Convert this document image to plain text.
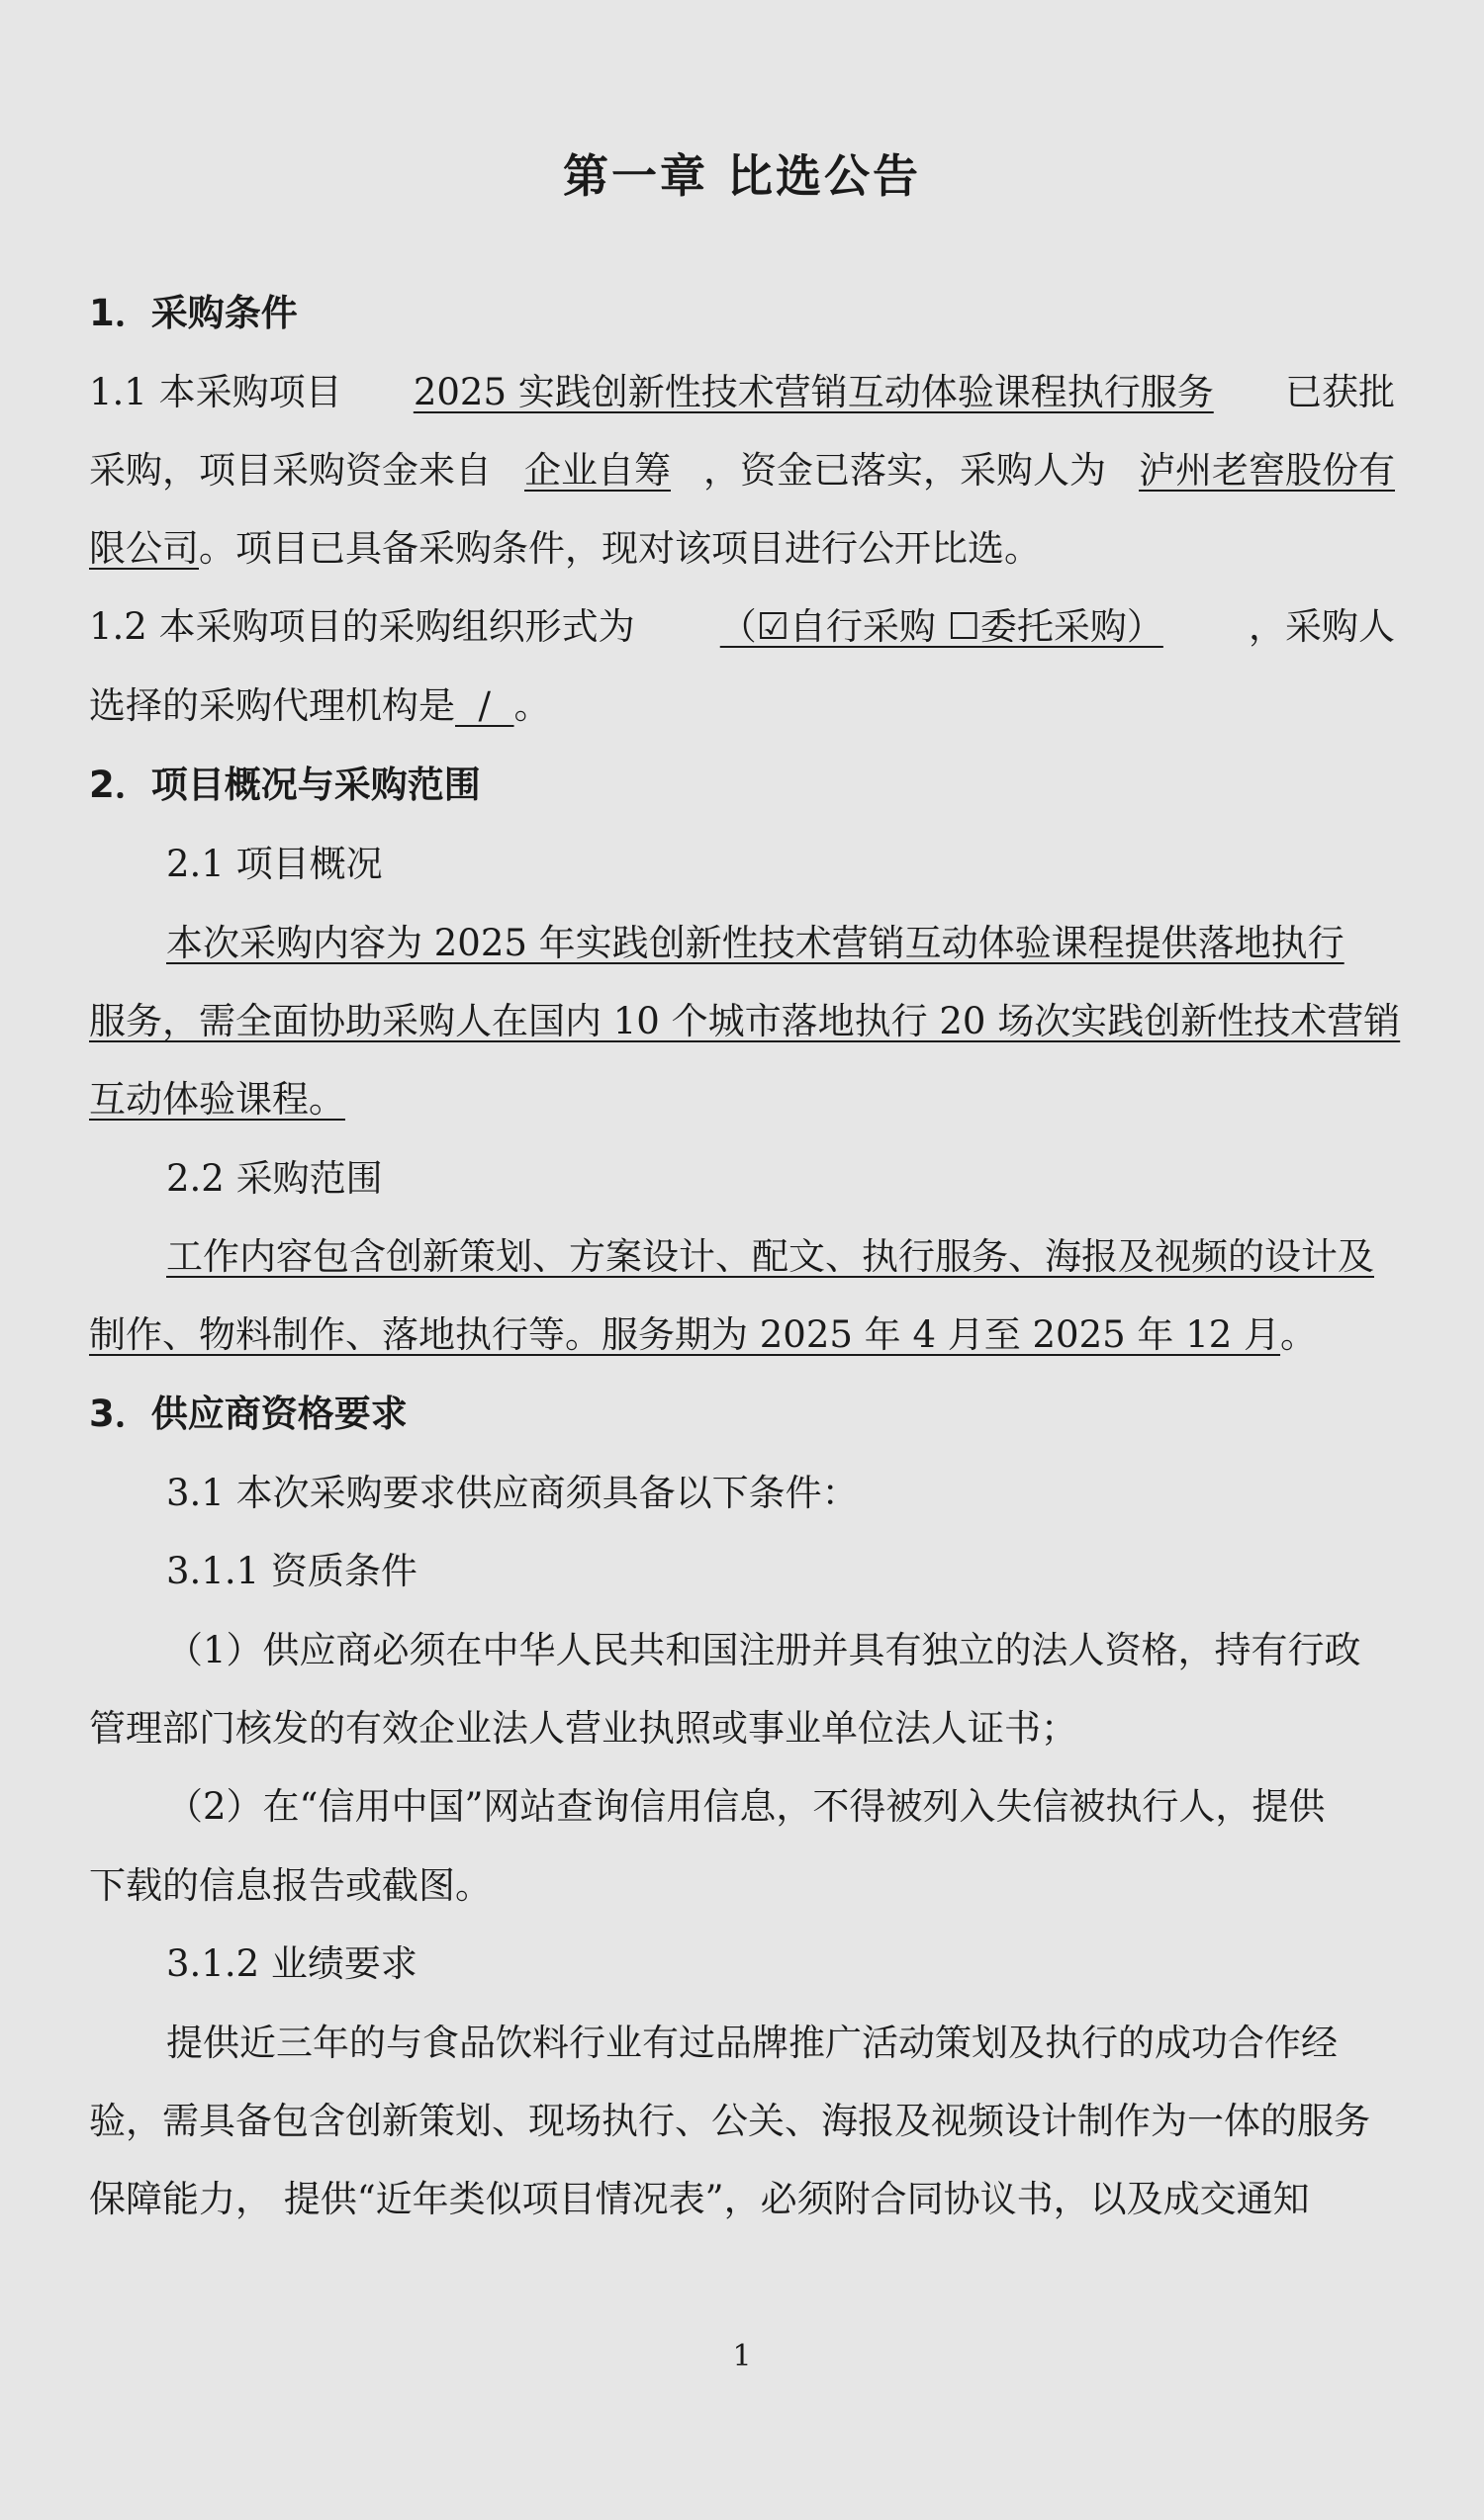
第一章 比选公告
1．采购条件
1.1 本采购项目 2025 实践创新性技术营销互动体验课程执行服务 已获批
采购，项目采购资金来自 企业自筹 ，资金已落实，采购人为 泸州老窖股份有
限公司。项目已具备采购条件，现对该项目进行公开比选。
1.2 本采购项目的采购组织形式为 （☑自行采购 ☐委托采购） ，采购人
选择的采购代理机构是  /  。
2．项目概况与采购范围
2.1 项目概况
本次采购内容为 2025 年实践创新性技术营销互动体验课程提供落地执行
服务，需全面协助采购人在国内 10 个城市落地执行 20 场次实践创新性技术营销
互动体验课程。
2.2 采购范围
工作内容包含创新策划、方案设计、配文、执行服务、海报及视频的设计及
制作、物料制作、落地执行等。服务期为 2025 年 4 月至 2025 年 12 月。
3．供应商资格要求
3.1 本次采购要求供应商须具备以下条件：
3.1.1 资质条件
（1）供应商必须在中华人民共和国注册并具有独立的法人资格，持有行政
管理部门核发的有效企业法人营业执照或事业单位法人证书；
（2）在“信用中国”网站查询信用信息，不得被列入失信被执行人，提供
下载的信息报告或截图。
3.1.2 业绩要求
提供近三年的与食品饮料行业有过品牌推广活动策划及执行的成功合作经
验，需具备包含创新策划、现场执行、公关、海报及视频设计制作为一体的服务
保障能力， 提供“近年类似项目情况表”，必须附合同协议书，以及成交通知
1
